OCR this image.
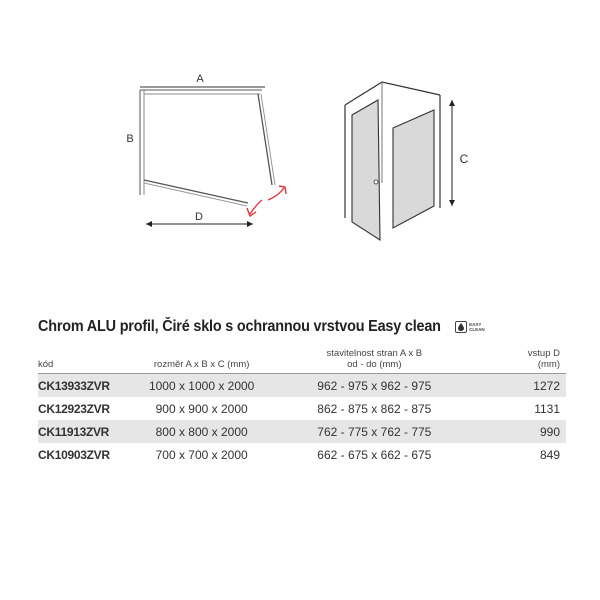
A
B
D
C
Chrom ALU profil, Čiré sklo s ochrannou vrstvou Easy clean	EASY
CLEAN
kód	rozměr A x B x C (mm)	stavitelnost stran A x B
od - do (mm)	vstup D
(mm)
CK13933ZVR	1000 x 1000 x 2000	962 - 975 x 962 - 975	1272
CK12923ZVR	900 x 900 x 2000	862 - 875 x 862 - 875	1131
CK11913ZVR	800 x 800 x 2000	762 - 775 x 762 - 775	990
CK10903ZVR	700 x 700 x 2000	662 - 675 x 662 - 675	849
